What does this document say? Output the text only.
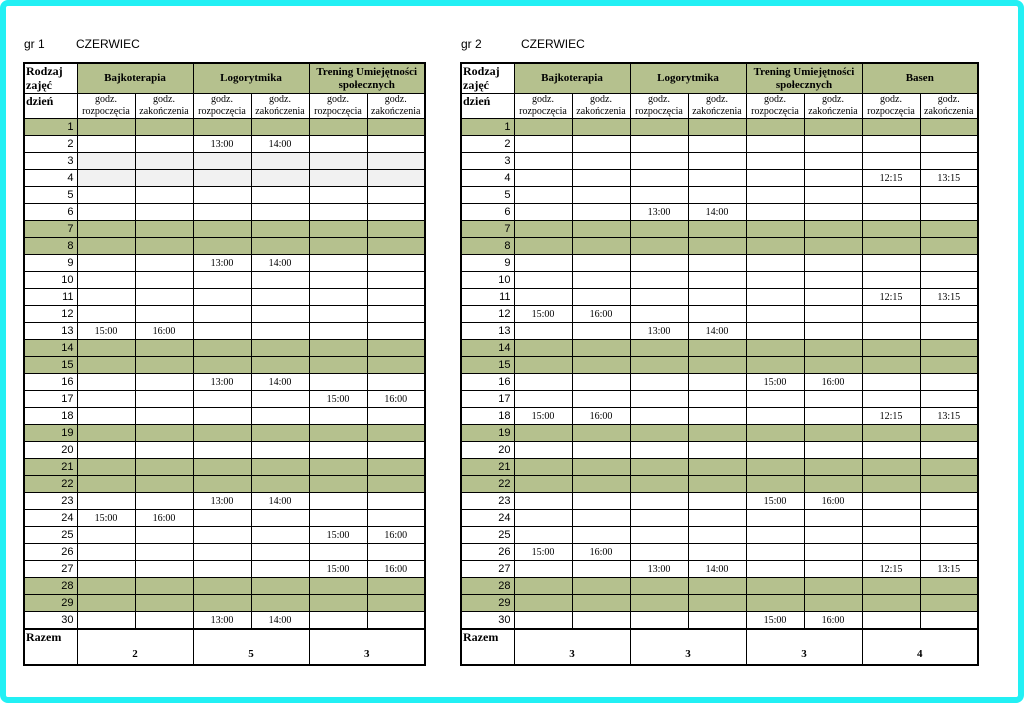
gr 1	CZERWIEC
Rodzaj zajęć	Bajkoterapia		Logorytmika		Trening Umiejętności społecznych	
dzień	godz. rozpoczęcia	godz. zakończenia	godz. rozpoczęcia	godz. zakończenia	godz. rozpoczęcia	godz. zakończenia
1						
2			13:00	14:00		
3						
4						
5						
6						
7						
8						
9			13:00	14:00		
10						
11						
12						
13	15:00	16:00				
14						
15						
16			13:00	14:00		
17					15:00	16:00
18						
19						
20						
21						
22						
23			13:00	14:00		
24	15:00	16:00				
25					15:00	16:00
26						
27					15:00	16:00
28						
29						
30			13:00	14:00		
Razem	2		5		3	
gr 2	CZERWIEC
Rodzaj zajęć	Bajkoterapia		Logorytmika		Trening Umiejętności społecznych		Basen	
dzień	godz. rozpoczęcia	godz. zakończenia	godz. rozpoczęcia	godz. zakończenia	godz. rozpoczęcia	godz. zakończenia	godz. rozpoczęcia	godz. zakończenia
1								
2								
3								
4							12:15	13:15
5								
6			13:00	14:00				
7								
8								
9								
10								
11							12:15	13:15
12	15:00	16:00						
13			13:00	14:00				
14								
15								
16					15:00	16:00		
17								
18	15:00	16:00					12:15	13:15
19								
20								
21								
22								
23					15:00	16:00		
24								
25								
26	15:00	16:00						
27			13:00	14:00			12:15	13:15
28								
29								
30					15:00	16:00		
Razem	3		3		3		4	
